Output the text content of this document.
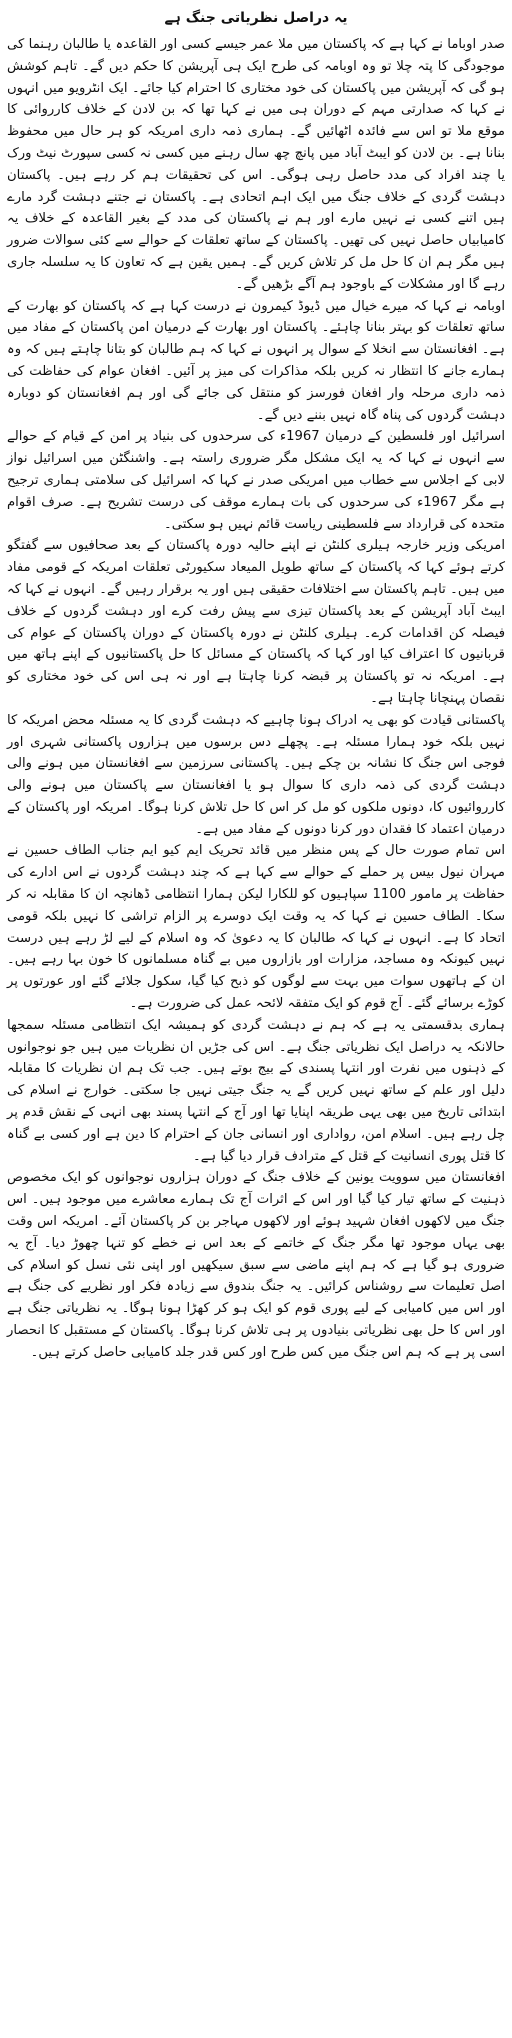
یہ دراصل نظریاتی جنگ ہے

صدر اوباما نے کہا ہے کہ پاکستان میں ملا عمر جیسے کسی اور القاعدہ یا طالبان رہنما کی موجودگی کا پتہ چلا تو وہ اوبامہ کی طرح ایک ہی آپریشن کا حکم دیں گے۔ تاہم کوشش ہو گی کہ آپریشن میں پاکستان کی خود مختاری کا احترام کیا جائے۔ ایک انٹرویو میں انہوں نے کہا کہ صدارتی مہم کے دوران ہی میں نے کہا تھا کہ بن لادن کے خلاف کارروائی کا موقع ملا تو اس سے فائدہ اٹھائیں گے۔ ہماری ذمہ داری امریکہ کو ہر حال میں محفوظ بنانا ہے۔ بن لادن کو ایبٹ آباد میں پانچ چھ سال رہنے میں کسی نہ کسی سپورٹ نیٹ ورک یا چند افراد کی مدد حاصل رہی ہوگی۔ اس کی تحقیقات ہم کر رہے ہیں۔ پاکستان دہشت گردی کے خلاف جنگ میں ایک اہم اتحادی ہے۔ پاکستان نے جتنے دہشت گرد مارے ہیں اتنے کسی نے نہیں مارے اور ہم نے پاکستان کی مدد کے بغیر القاعدہ کے خلاف یہ کامیابیاں حاصل نہیں کی تھیں۔ پاکستان کے ساتھ تعلقات کے حوالے سے کئی سوالات ضرور ہیں مگر ہم ان کا حل مل کر تلاش کریں گے۔ ہمیں یقین ہے کہ تعاون کا یہ سلسلہ جاری رہے گا اور مشکلات کے باوجود ہم آگے بڑھیں گے۔

اوبامہ نے کہا کہ میرے خیال میں ڈیوڈ کیمرون نے درست کہا ہے کہ پاکستان کو بھارت کے ساتھ تعلقات کو بہتر بنانا چاہئے۔ پاکستان اور بھارت کے درمیان امن پاکستان کے مفاد میں ہے۔ افغانستان سے انخلا کے سوال پر انہوں نے کہا کہ ہم طالبان کو بتانا چاہتے ہیں کہ وہ ہمارے جانے کا انتظار نہ کریں بلکہ مذاکرات کی میز پر آئیں۔ افغان عوام کی حفاظت کی ذمہ داری مرحلہ وار افغان فورسز کو منتقل کی جائے گی اور ہم افغانستان کو دوبارہ دہشت گردوں کی پناہ گاہ نہیں بننے دیں گے۔

اسرائیل اور فلسطین کے درمیان 1967ء کی سرحدوں کی بنیاد پر امن کے قیام کے حوالے سے انہوں نے کہا کہ یہ ایک مشکل مگر ضروری راستہ ہے۔ واشنگٹن میں اسرائیل نواز لابی کے اجلاس سے خطاب میں امریکی صدر نے کہا کہ اسرائیل کی سلامتی ہماری ترجیح ہے مگر 1967ء کی سرحدوں کی بات ہمارے موقف کی درست تشریح ہے۔ صرف اقوام متحدہ کی قرارداد سے فلسطینی ریاست قائم نہیں ہو سکتی۔

امریکی وزیر خارجہ ہیلری کلنٹن نے اپنے حالیہ دورہ پاکستان کے بعد صحافیوں سے گفتگو کرتے ہوئے کہا کہ پاکستان کے ساتھ طویل المیعاد سکیورٹی تعلقات امریکہ کے قومی مفاد میں ہیں۔ تاہم پاکستان سے اختلافات حقیقی ہیں اور یہ برقرار رہیں گے۔ انہوں نے کہا کہ ایبٹ آباد آپریشن کے بعد پاکستان تیزی سے پیش رفت کرے اور دہشت گردوں کے خلاف فیصلہ کن اقدامات کرے۔ ہیلری کلنٹن نے دورہ پاکستان کے دوران پاکستان کے عوام کی قربانیوں کا اعتراف کیا اور کہا کہ پاکستان کے مسائل کا حل پاکستانیوں کے اپنے ہاتھ میں ہے۔ امریکہ نہ تو پاکستان پر قبضہ کرنا چاہتا ہے اور نہ ہی اس کی خود مختاری کو نقصان پہنچانا چاہتا ہے۔

پاکستانی قیادت کو بھی یہ ادراک ہونا چاہیے کہ دہشت گردی کا یہ مسئلہ محض امریکہ کا نہیں بلکہ خود ہمارا مسئلہ ہے۔ پچھلے دس برسوں میں ہزاروں پاکستانی شہری اور فوجی اس جنگ کا نشانہ بن چکے ہیں۔ پاکستانی سرزمین سے افغانستان میں ہونے والی دہشت گردی کی ذمہ داری کا سوال ہو یا افغانستان سے پاکستان میں ہونے والی کارروائیوں کا، دونوں ملکوں کو مل کر اس کا حل تلاش کرنا ہوگا۔ امریکہ اور پاکستان کے درمیان اعتماد کا فقدان دور کرنا دونوں کے مفاد میں ہے۔

اس تمام صورت حال کے پس منظر میں قائد تحریک ایم کیو ایم جناب الطاف حسین نے مہران نیول بیس پر حملے کے حوالے سے کہا ہے کہ چند دہشت گردوں نے اس ادارے کی حفاظت پر مامور 1100 سپاہیوں کو للکارا لیکن ہمارا انتظامی ڈھانچہ ان کا مقابلہ نہ کر سکا۔ الطاف حسین نے کہا کہ یہ وقت ایک دوسرے پر الزام تراشی کا نہیں بلکہ قومی اتحاد کا ہے۔ انہوں نے کہا کہ طالبان کا یہ دعویٰ کہ وہ اسلام کے لیے لڑ رہے ہیں درست نہیں کیونکہ وہ مساجد، مزارات اور بازاروں میں بے گناہ مسلمانوں کا خون بہا رہے ہیں۔ ان کے ہاتھوں سوات میں بہت سے لوگوں کو ذبح کیا گیا، سکول جلائے گئے اور عورتوں پر کوڑے برسائے گئے۔ آج قوم کو ایک متفقہ لائحہ عمل کی ضرورت ہے۔

ہماری بدقسمتی یہ ہے کہ ہم نے دہشت گردی کو ہمیشہ ایک انتظامی مسئلہ سمجھا حالانکہ یہ دراصل ایک نظریاتی جنگ ہے۔ اس کی جڑیں ان نظریات میں ہیں جو نوجوانوں کے ذہنوں میں نفرت اور انتہا پسندی کے بیج بوتے ہیں۔ جب تک ہم ان نظریات کا مقابلہ دلیل اور علم کے ساتھ نہیں کریں گے یہ جنگ جیتی نہیں جا سکتی۔ خوارج نے اسلام کی ابتدائی تاریخ میں بھی یہی طریقہ اپنایا تھا اور آج کے انتہا پسند بھی انہی کے نقش قدم پر چل رہے ہیں۔ اسلام امن، رواداری اور انسانی جان کے احترام کا دین ہے اور کسی بے گناہ کا قتل پوری انسانیت کے قتل کے مترادف قرار دیا گیا ہے۔

افغانستان میں سوویت یونین کے خلاف جنگ کے دوران ہزاروں نوجوانوں کو ایک مخصوص ذہنیت کے ساتھ تیار کیا گیا اور اس کے اثرات آج تک ہمارے معاشرے میں موجود ہیں۔ اس جنگ میں لاکھوں افغان شہید ہوئے اور لاکھوں مہاجر بن کر پاکستان آئے۔ امریکہ اس وقت بھی یہاں موجود تھا مگر جنگ کے خاتمے کے بعد اس نے خطے کو تنہا چھوڑ دیا۔ آج یہ ضروری ہو گیا ہے کہ ہم اپنے ماضی سے سبق سیکھیں اور اپنی نئی نسل کو اسلام کی اصل تعلیمات سے روشناس کرائیں۔ یہ جنگ بندوق سے زیادہ فکر اور نظریے کی جنگ ہے اور اس میں کامیابی کے لیے پوری قوم کو ایک ہو کر کھڑا ہونا ہوگا۔ یہ نظریاتی جنگ ہے اور اس کا حل بھی نظریاتی بنیادوں پر ہی تلاش کرنا ہوگا۔ پاکستان کے مستقبل کا انحصار اسی پر ہے کہ ہم اس جنگ میں کس طرح اور کس قدر جلد کامیابی حاصل کرتے ہیں۔
